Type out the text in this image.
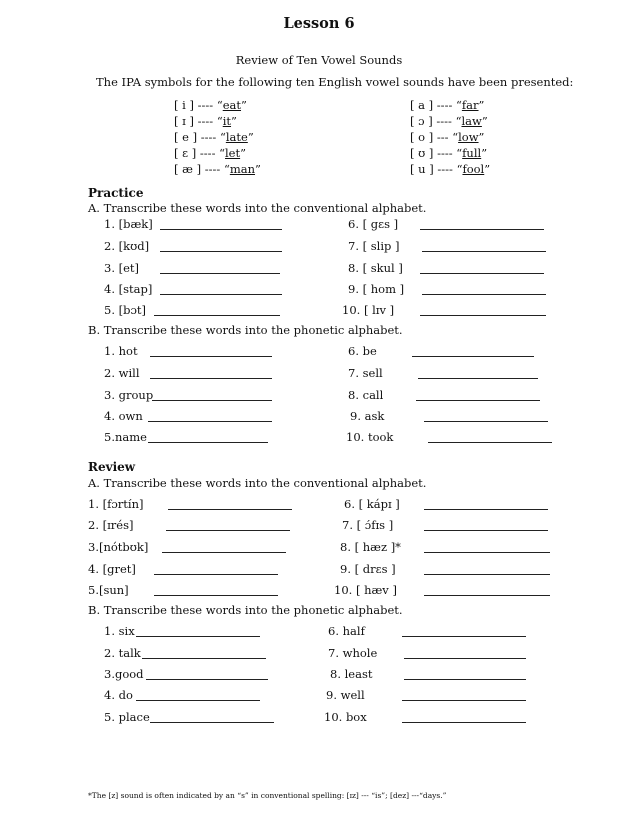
Lesson 6
Review of Ten Vowel Sounds
The IPA symbols for the following ten English vowel sounds have been presented:
[ i ] ---- “eat”
[ ɪ ] ---- “it”
[ e ] ---- “late”
[ ɛ ] ---- “let”
[ æ ] ---- “man”
[ a ] ---- “far”
[ ɔ ] ---- “law”
[ o ] --- “low”
[ ʊ ] ---- “full”
[ u ] ---- “fool”
Practice
A. Transcribe these words into the conventional alphabet.
1. [bæk]
2. [kʊd]
3. [et]
4. [stap]
5. [bɔt]
6. [ gɛs ]
7. [ slip ]
8. [ skul ]
9. [ hom ]
10. [ lɪv ]
B. Transcribe these words into the phonetic alphabet.
1. hot
2. will
3. group
4. own
5.name
6. be
7. sell
8. call
9. ask
10. took
Review
A. Transcribe these words into the conventional alphabet.
1. [fɔrtín]
2. [ɪrés]
3.[nótbʊk]
4. [gret]
5.[sun]
6. [ kápɪ ]
7. [ ɔ́fɪs ]
8. [ hæz ]*
9. [ drɛs ]
10. [ hæv ]
B. Transcribe these words into the phonetic alphabet.
1. six
2. talk
3.good
4. do
5. place
6. half
7. whole
8. least
9. well
10. box
*The [z] sound is often indicated by an “s” in conventional spelling: [ɪz] --- “is”; [dez] ---“days.”
